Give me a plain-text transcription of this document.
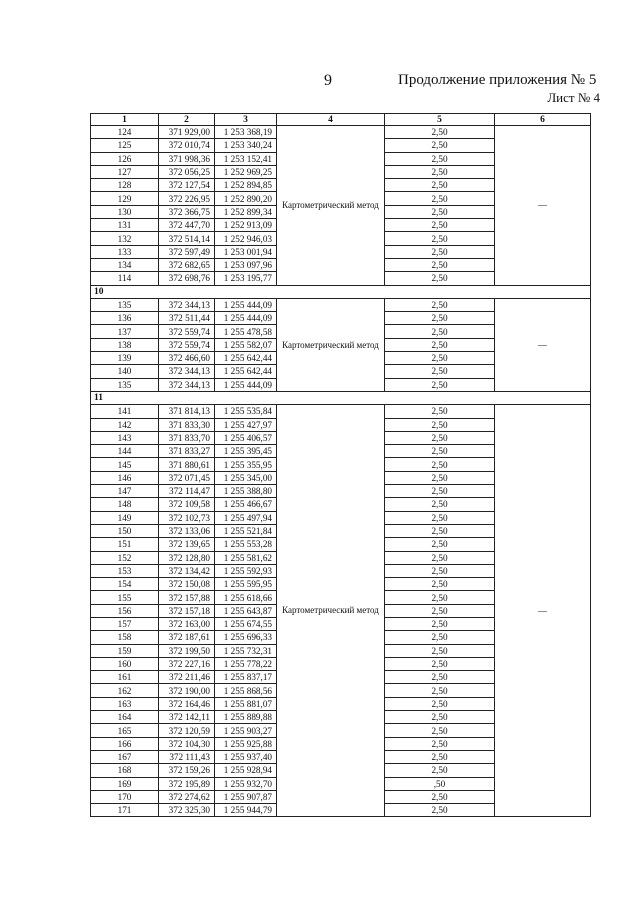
9	Продолжение приложения № 5
Лист № 4
1	2	3	4	5	6
124	371 929,00	1 253 368,19	Картометрический метод	2,50	—
125	372 010,74	1 253 340,24		2,50	
126	371 998,36	1 253 152,41		2,50	
127	372 056,25	1 252 969,25		2,50	
128	372 127,54	1 252 894,85		2,50	
129	372 226,95	1 252 890,20		2,50	
130	372 366,75	1 252 899,34		2,50	
131	372 447,70	1 252 913,09		2,50	
132	372 514,14	1 252 946,03		2,50	
133	372 597,49	1 253 001,94		2,50	
134	372 682,65	1 253 097,96		2,50	
114	372 698,76	1 253 195,77		2,50	
10					
135	372 344,13	1 255 444,09	Картометрический метод	2,50	—
136	372 511,44	1 255 444,09		2,50	
137	372 559,74	1 255 478,58		2,50	
138	372 559,74	1 255 582,07		2,50	
139	372 466,60	1 255 642,44		2,50	
140	372 344,13	1 255 642,44		2,50	
135	372 344,13	1 255 444,09		2,50	
11					
141	371 814,13	1 255 535,84	Картометрический метод	2,50	—
142	371 833,30	1 255 427,97		2,50	
143	371 833,70	1 255 406,57		2,50	
144	371 833,27	1 255 395,45		2,50	
145	371 880,61	1 255 355,95		2,50	
146	372 071,45	1 255 345,00		2,50	
147	372 114,47	1 255 388,80		2,50	
148	372 109,58	1 255 466,67		2,50	
149	372 102,73	1 255 497,94		2,50	
150	372 133,06	1 255 521,84		2,50	
151	372 139,65	1 255 553,28		2,50	
152	372 128,80	1 255 581,62		2,50	
153	372 134,42	1 255 592,93		2,50	
154	372 150,08	1 255 595,95		2,50	
155	372 157,88	1 255 618,66		2,50	
156	372 157,18	1 255 643,87		2,50	
157	372 163,00	1 255 674,55		2,50	
158	372 187,61	1 255 696,33		2,50	
159	372 199,50	1 255 732,31		2,50	
160	372 227,16	1 255 778,22		2,50	
161	372 211,46	1 255 837,17		2,50	
162	372 190,00	1 255 868,56		2,50	
163	372 164,46	1 255 881,07		2,50	
164	372 142,11	1 255 889,88		2,50	
165	372 120,59	1 255 903,27		2,50	
166	372 104,30	1 255 925,88		2,50	
167	372 111,43	1 255 937,40		2,50	
168	372 159,26	1 255 928,94		2,50	
169	372 195,89	1 255 932,70		,50	
170	372 274,62	1 255 907,87		2,50	
171	372 325,30	1 255 944,79		2,50	
